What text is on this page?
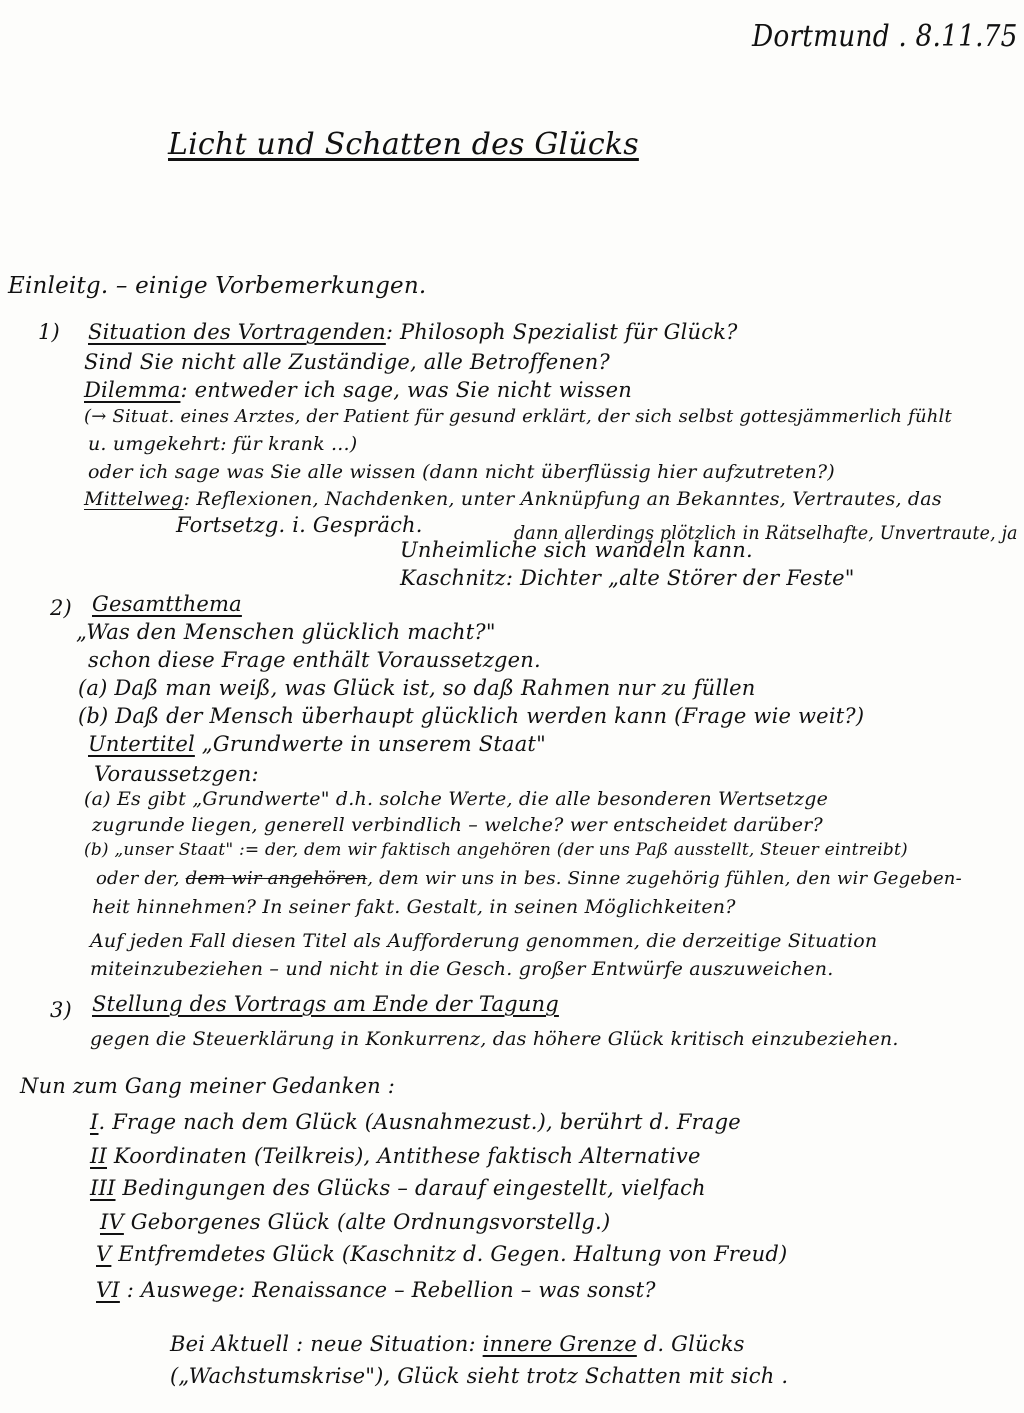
Dortmund . 8.11.75
Licht und Schatten des Glücks
Einleitg. – einige Vorbemerkungen.
1) Situation des Vortragenden: Philosoph Spezialist für Glück?
Sind Sie nicht alle Zuständige, alle Betroffenen?
Dilemma: entweder ich sage, was Sie nicht wissen
(→ Situat. eines Arztes, der Patient für gesund erklärt, der sich selbst gottesjämmerlich fühlt
u. umgekehrt: für krank ...)
oder ich sage was Sie alle wissen (dann nicht überflüssig hier aufzutreten?)
Mittelweg: Reflexionen, Nachdenken, unter Anknüpfung an Bekanntes, Vertrautes, das
Fortsetzg. i. Gespräch.	dann allerdings plötzlich in Rätselhafte, Unvertraute, ja
Unheimliche sich wandeln kann.
Kaschnitz: Dichter „alte Störer der Feste"
2) Gesamtthema
„Was den Menschen glücklich macht?"
schon diese Frage enthält Voraussetzgen.
(a) Daß man weiß, was Glück ist, so daß Rahmen nur zu füllen
(b) Daß der Mensch überhaupt glücklich werden kann (Frage wie weit?)
Untertitel „Grundwerte in unserem Staat"
Voraussetzgen:
(a) Es gibt „Grundwerte" d.h. solche Werte, die alle besonderen Wertsetzge
zugrunde liegen, generell verbindlich – welche? wer entscheidet darüber?
(b) „unser Staat" := der, dem wir faktisch angehören (der uns Paß ausstellt, Steuer eintreibt)
oder der, dem wir angehören, dem wir uns in bes. Sinne zugehörig fühlen, den wir Gegeben-
heit hinnehmen? In seiner fakt. Gestalt, in seinen Möglichkeiten?
Auf jeden Fall diesen Titel als Aufforderung genommen, die derzeitige Situation
miteinzubeziehen – und nicht in die Gesch. großer Entwürfe auszuweichen.
3) Stellung des Vortrags am Ende der Tagung
gegen die Steuerklärung in Konkurrenz, das höhere Glück kritisch einzubeziehen.
Nun zum Gang meiner Gedanken :
I. Frage nach dem Glück (Ausnahmezust.), berührt d. Frage
II Koordinaten (Teilkreis), Antithese faktisch Alternative
III Bedingungen des Glücks – darauf eingestellt, vielfach
IV Geborgenes Glück (alte Ordnungsvorstellg.)
V Entfremdetes Glück (Kaschnitz d. Gegen. Haltung von Freud)
VI : Auswege: Renaissance – Rebellion – was sonst?
Bei Aktuell : neue Situation: innere Grenze d. Glücks
(„Wachstumskrise"), Glück sieht trotz Schatten mit sich .
